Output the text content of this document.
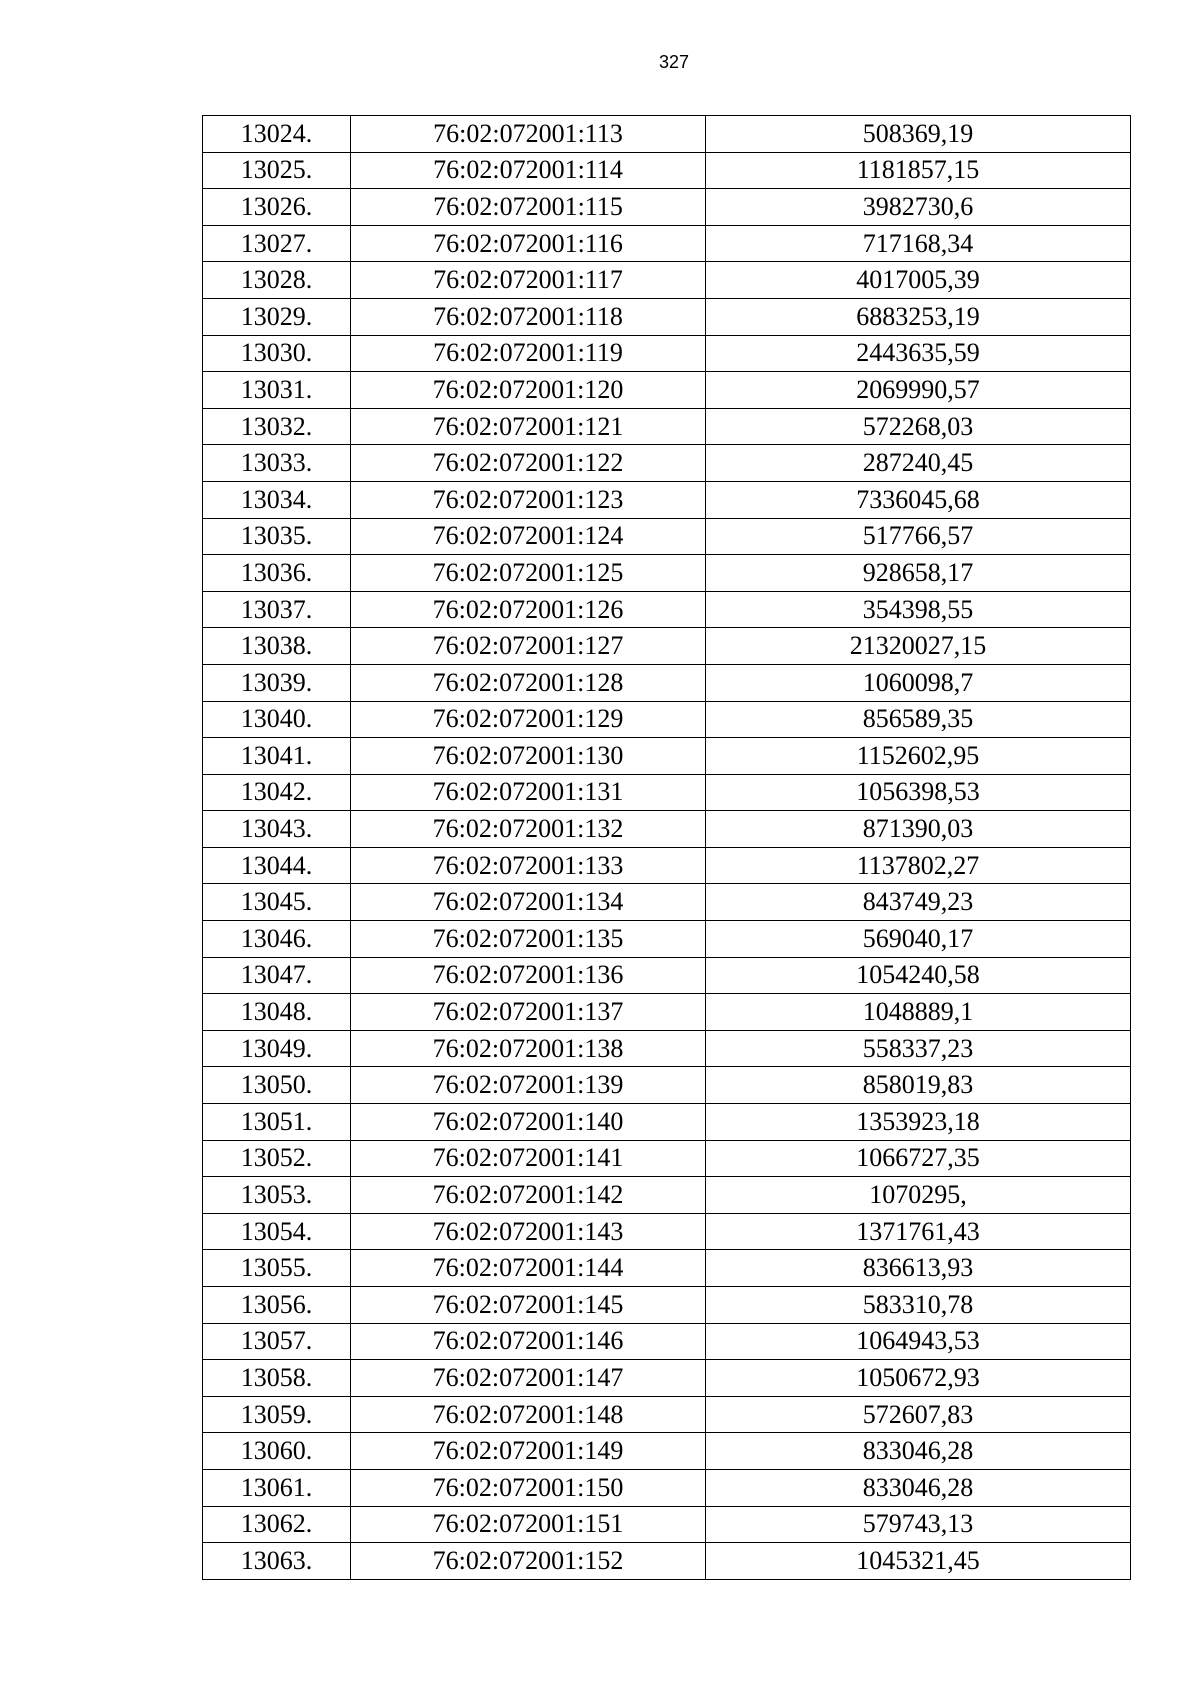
327
13024.	76:02:072001:113	508369,19
13025.	76:02:072001:114	1181857,15
13026.	76:02:072001:115	3982730,6
13027.	76:02:072001:116	717168,34
13028.	76:02:072001:117	4017005,39
13029.	76:02:072001:118	6883253,19
13030.	76:02:072001:119	2443635,59
13031.	76:02:072001:120	2069990,57
13032.	76:02:072001:121	572268,03
13033.	76:02:072001:122	287240,45
13034.	76:02:072001:123	7336045,68
13035.	76:02:072001:124	517766,57
13036.	76:02:072001:125	928658,17
13037.	76:02:072001:126	354398,55
13038.	76:02:072001:127	21320027,15
13039.	76:02:072001:128	1060098,7
13040.	76:02:072001:129	856589,35
13041.	76:02:072001:130	1152602,95
13042.	76:02:072001:131	1056398,53
13043.	76:02:072001:132	871390,03
13044.	76:02:072001:133	1137802,27
13045.	76:02:072001:134	843749,23
13046.	76:02:072001:135	569040,17
13047.	76:02:072001:136	1054240,58
13048.	76:02:072001:137	1048889,1
13049.	76:02:072001:138	558337,23
13050.	76:02:072001:139	858019,83
13051.	76:02:072001:140	1353923,18
13052.	76:02:072001:141	1066727,35
13053.	76:02:072001:142	1070295,
13054.	76:02:072001:143	1371761,43
13055.	76:02:072001:144	836613,93
13056.	76:02:072001:145	583310,78
13057.	76:02:072001:146	1064943,53
13058.	76:02:072001:147	1050672,93
13059.	76:02:072001:148	572607,83
13060.	76:02:072001:149	833046,28
13061.	76:02:072001:150	833046,28
13062.	76:02:072001:151	579743,13
13063.	76:02:072001:152	1045321,45
